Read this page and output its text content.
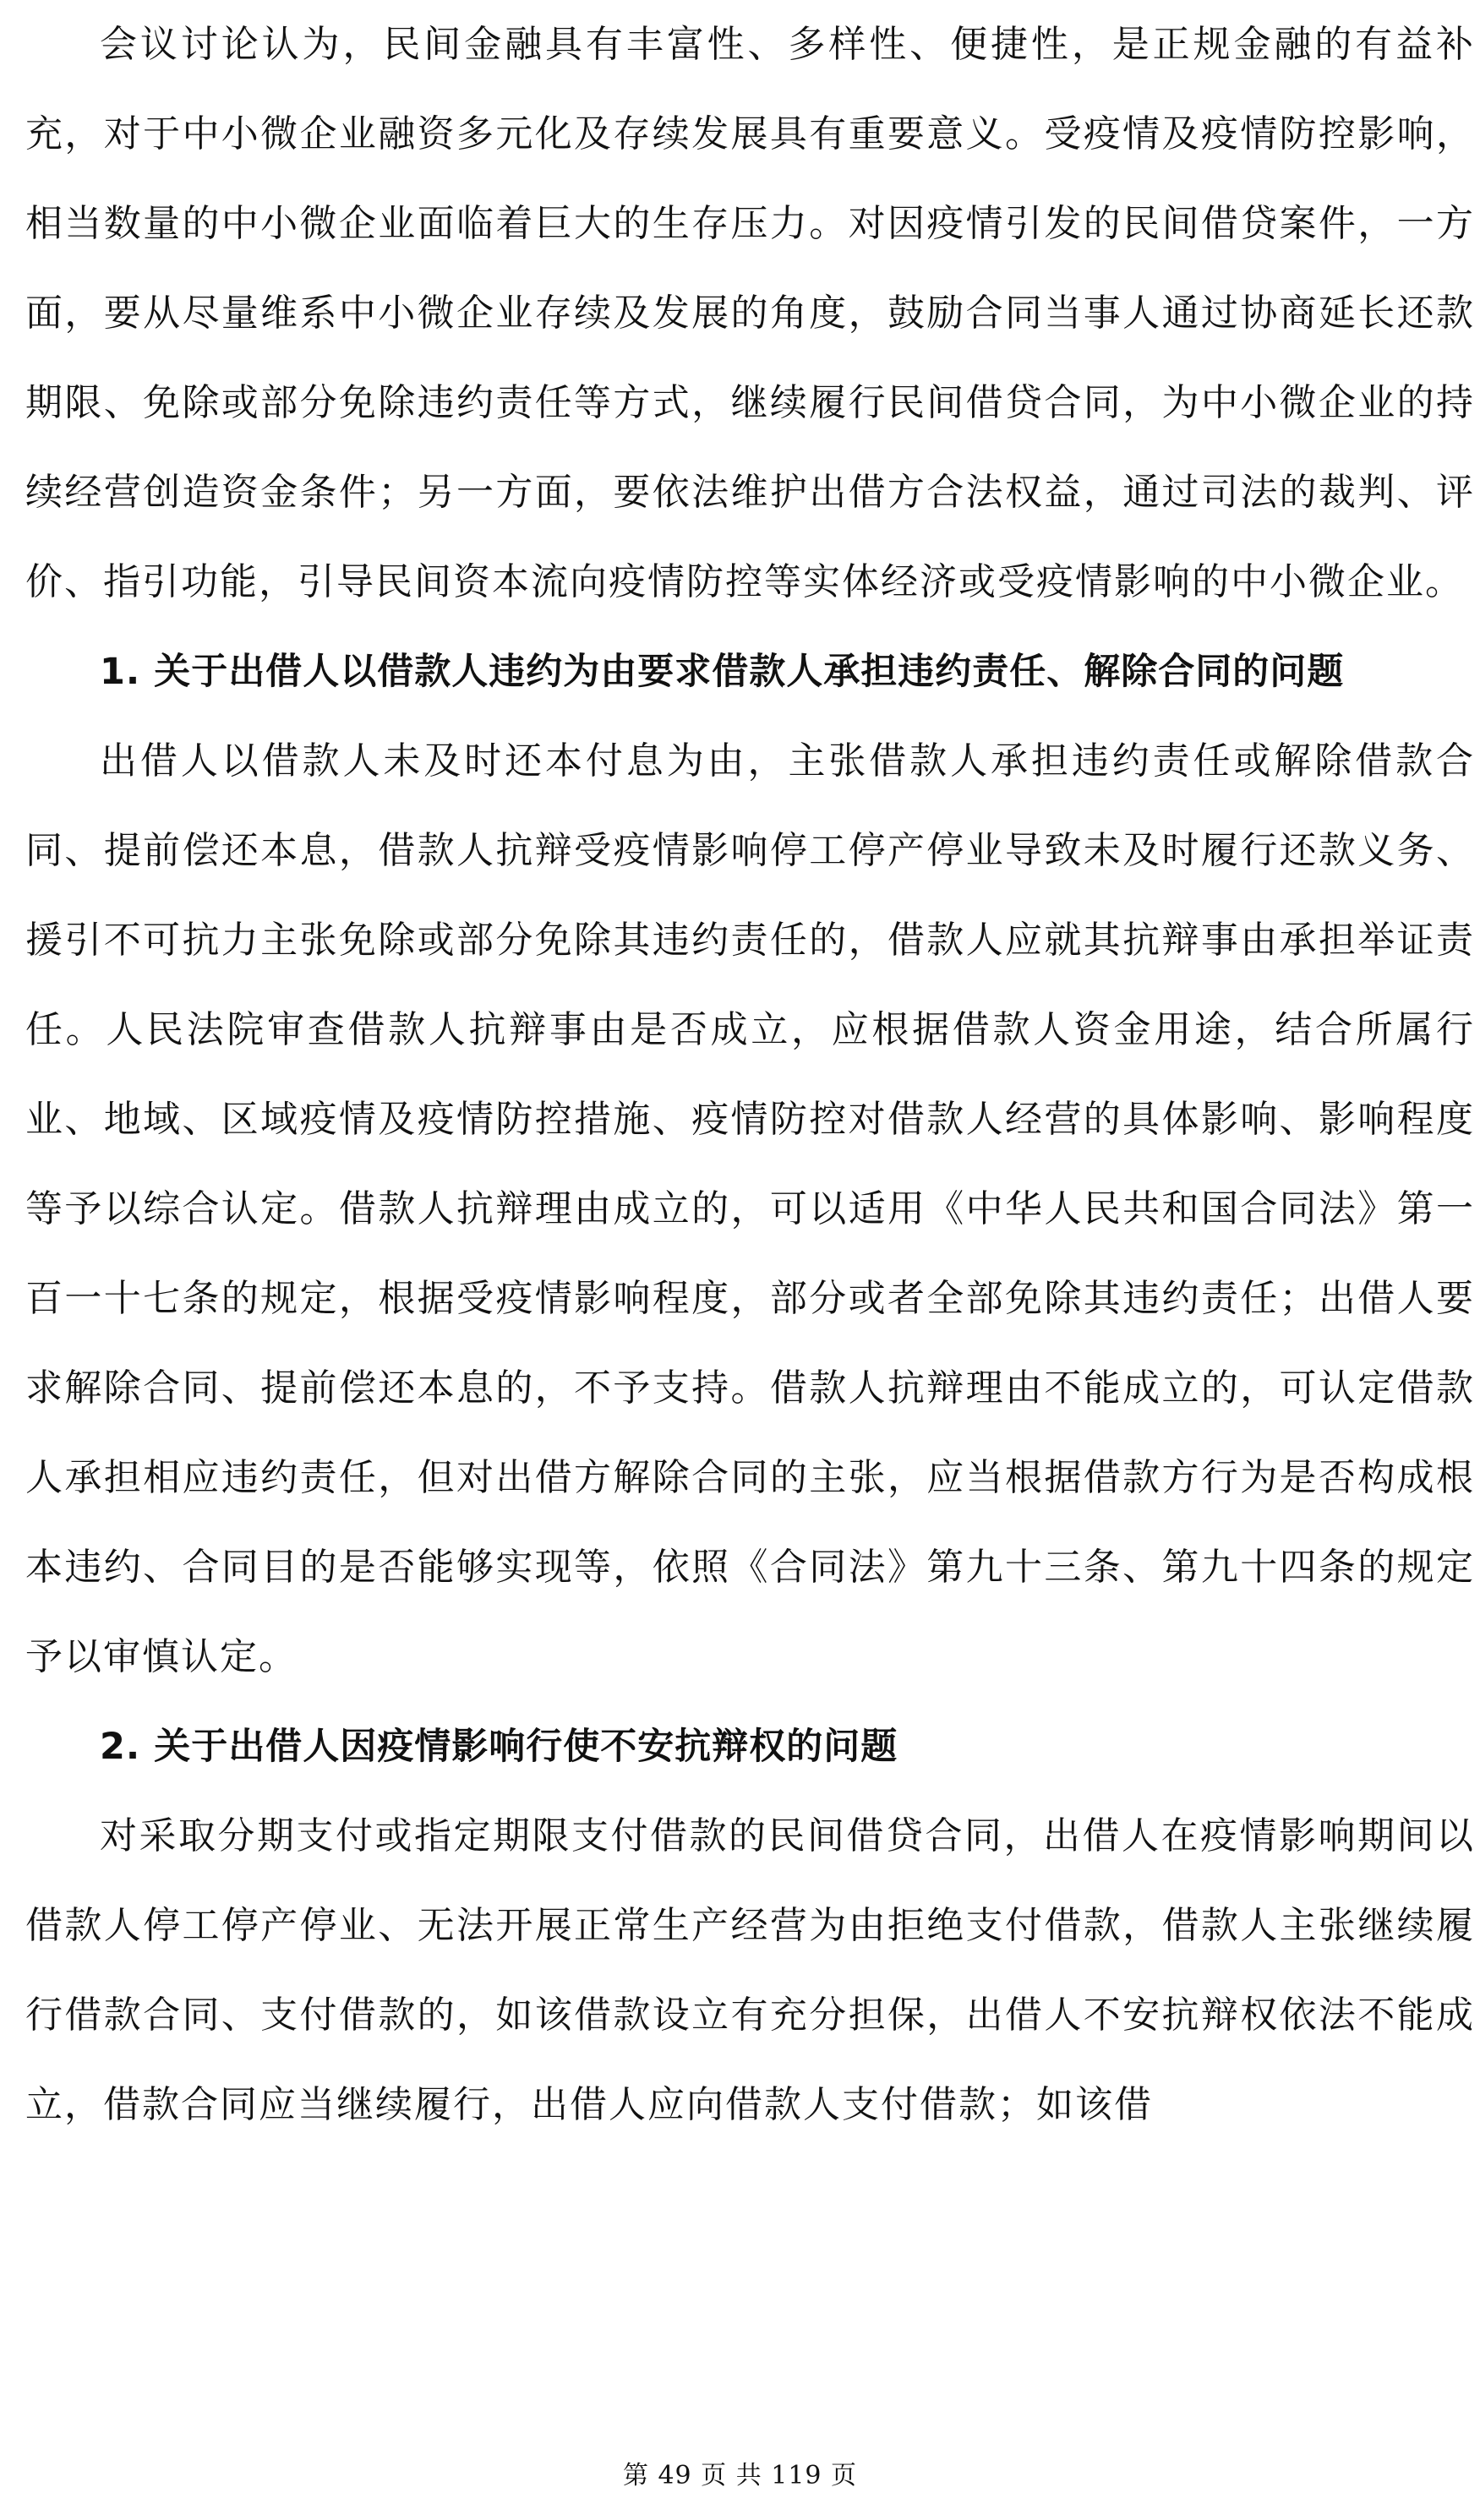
会议讨论认为，民间金融具有丰富性、多样性、便捷性，是正规金融的有益补充，对于中小微企业融资多元化及存续发展具有重要意义。受疫情及疫情防控影响，相当数量的中小微企业面临着巨大的生存压力。对因疫情引发的民间借贷案件，一方面，要从尽量维系中小微企业存续及发展的角度，鼓励合同当事人通过协商延长还款期限、免除或部分免除违约责任等方式，继续履行民间借贷合同，为中小微企业的持续经营创造资金条件；另一方面，要依法维护出借方合法权益，通过司法的裁判、评价、指引功能，引导民间资本流向疫情防控等实体经济或受疫情影响的中小微企业。

1. 关于出借人以借款人违约为由要求借款人承担违约责任、解除合同的问题

出借人以借款人未及时还本付息为由，主张借款人承担违约责任或解除借款合同、提前偿还本息，借款人抗辩受疫情影响停工停产停业导致未及时履行还款义务、援引不可抗力主张免除或部分免除其违约责任的，借款人应就其抗辩事由承担举证责任。人民法院审查借款人抗辩事由是否成立，应根据借款人资金用途，结合所属行业、地域、区域疫情及疫情防控措施、疫情防控对借款人经营的具体影响、影响程度等予以综合认定。借款人抗辩理由成立的，可以适用《中华人民共和国合同法》第一百一十七条的规定，根据受疫情影响程度，部分或者全部免除其违约责任；出借人要求解除合同、提前偿还本息的，不予支持。借款人抗辩理由不能成立的，可认定借款人承担相应违约责任，但对出借方解除合同的主张，应当根据借款方行为是否构成根本违约、合同目的是否能够实现等，依照《合同法》第九十三条、第九十四条的规定予以审慎认定。

2. 关于出借人因疫情影响行使不安抗辩权的问题

对采取分期支付或指定期限支付借款的民间借贷合同，出借人在疫情影响期间以借款人停工停产停业、无法开展正常生产经营为由拒绝支付借款，借款人主张继续履行借款合同、支付借款的，如该借款设立有充分担保，出借人不安抗辩权依法不能成立，借款合同应当继续履行，出借人应向借款人支付借款；如该借

第 49 页 共 119 页
